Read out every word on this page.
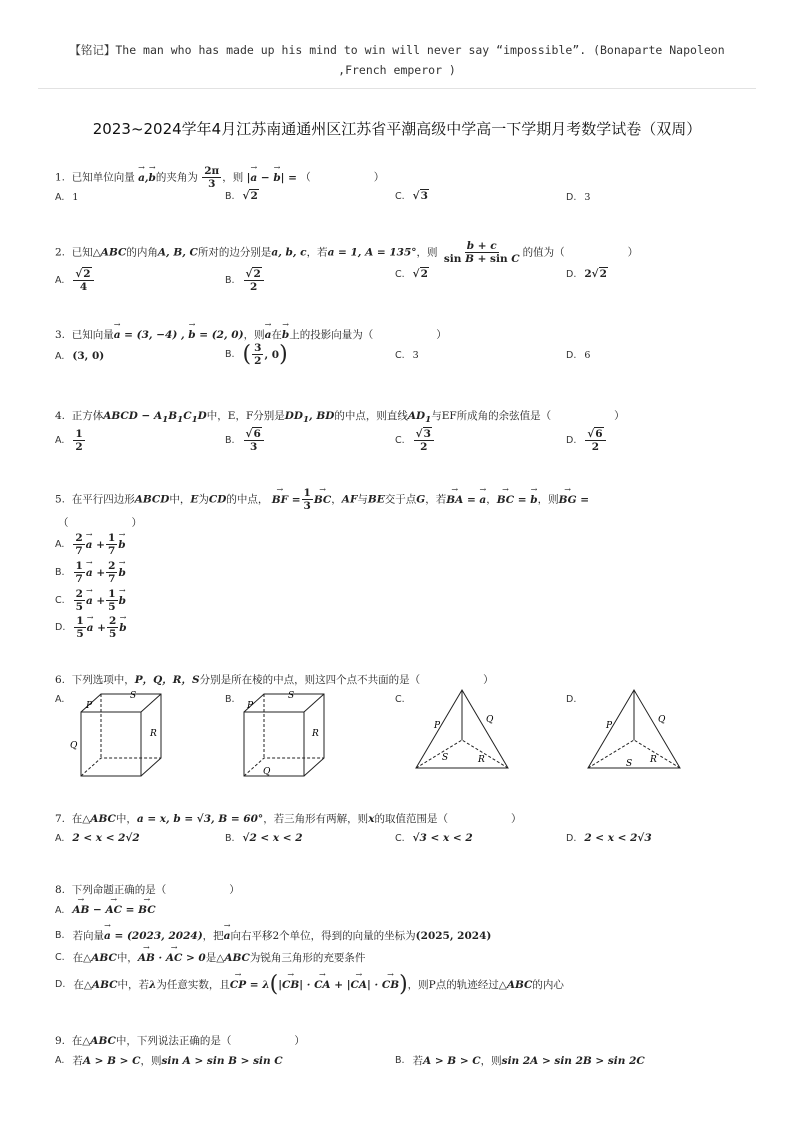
【铭记】The man who has made up his mind to win will never say “impossible”. (Bonaparte Napoleon
,French emperor )
2023~2024学年4月江苏南通通州区江苏省平潮高级中学高一下学期月考数学试卷（双周）
1. 已知单位向量 → a,→ b的夹角为 $\frac{2\pi}{3}$ ，则 |→ a − → b| = （　　　　　　）
A. 1	B. √2	C. √3	D. 3
2. 已知△ABC的内角A, B, C所对的边分别是a, b, c，若a = 1, A = 135°，则 $\frac{b + c}{\text{sin B + sin C}}$ 的值为（　　　　　　）
A. $\frac{√2}{4}$	B. $\frac{√2}{2}$	C. √2	D. 2√2
3. 已知向量→ a = (3, −4) , → b = (2, 0)，则→ a在→ b上的投影向量为（　　　　　　）
A. (3, 0)	B. ( $\frac{3}{2}$ , 0 )	C. 3	D. 6
4. 正方体ABCD − $A_1B_1C_1D$中，E，F分别是$DD_1$, BD的中点，则直线$AD_1$与EF所成角的余弦值是（　　　　　　）
A. $\frac{1}{2}$	B. $\frac{√6}{3}$	C. $\frac{√3}{2}$	D. $\frac{√6}{2}$
5. 在平行四边形ABCD中，E为CD的中点， → BF = $\frac{1}{3}$
→ BC，AF与BE交于点G，若→ BA = → a，→ BC = → b，则→ BG =
（　　　　　　）
A. $\frac{2}{7}$
→ $a + \frac{1}{7}$
→ b
B. $\frac{1}{7}$
→ $a + \frac{2}{7}$
→ b
C. $\frac{2}{5}$
→ $a + \frac{1}{5}$
→ b
D. $\frac{1}{5}$
→ $a + \frac{2}{5}$
→ b
6. 下列选项中，P，Q，R，S分别是所在棱的中点，则这四个点不共面的是（　　　　　　）
A.	B.	C.	D.
P
S
Q
R
P
S
R
Q
P
Q
S	R
P
Q
S R
7. 在△ABC中，a = x, b = √3, B = 60°，若三角形有两解，则x的取值范围是（　　　　　　）
A. 2 < x < 2√2	B. √2 < x < 2	C. √3 < x < 2	D. 2 < x < 2√3
8. 下列命题正确的是（　　　　　　）
A.
→ AB − → AC = → BC
B. 若向量
→ a = (2023, 2024) ，把
→ a 向右平移2个单位，得到的向量的坐标为 (2025, 2024)
C. 在△ ABC 中，
→ AB · → AC > 0 是△ ABC 为锐角三角形的充要条件
D. 在△ ABC 中，若 λ 为任意实数，且
→ CP = λ ( |→ CB| · → CA + |→ CA| · → CB ) ，则P点的轨迹经过△ ABC 的内心
9. 在△ABC中，下列说法正确的是（　　　　　　）
A. 若 A > B > C ，则 sin A > sin B > sin C	B. 若 A > B > C ，则 sin 2A > sin 2B > sin 2C
